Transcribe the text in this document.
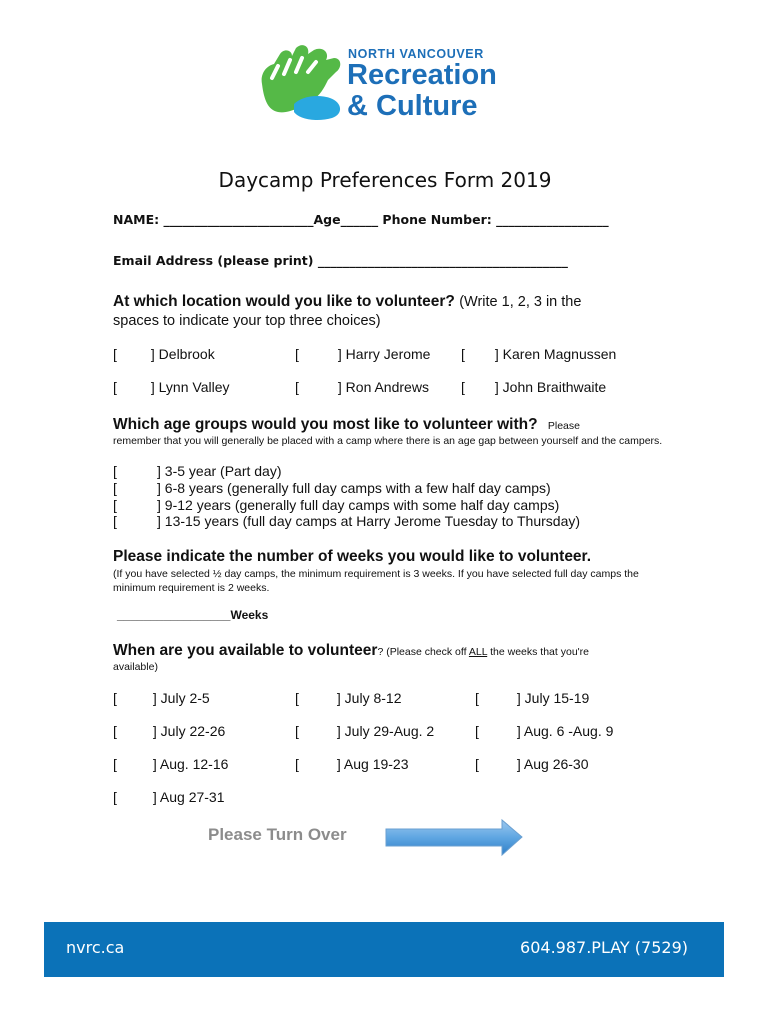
NORTH VANCOUVER
Recreation
& Culture
Daycamp Preferences Form 2019
NAME: ________________________Age______ Phone Number: __________________
Email Address (please print) ________________________________________
At which location would you like to volunteer? (Write 1, 2, 3 in the
spaces to indicate your top three choices)
[ ] Delbrook	[	] Harry Jerome [ ] Karen Magnussen
[ ] Lynn Valley	[	] Ron Andrews [ ] John Braithwaite
Which age groups would you most like to volunteer with? Please
remember that you will generally be placed with a camp where there is an age gap between yourself and the campers.
[	] 3-5 year (Part day)
[	] 6-8 years (generally full day camps with a few half day camps)
[	] 9-12 years (generally full day camps with some half day camps)
[	] 13-15 years (full day camps at Harry Jerome Tuesday to Thursday)
Please indicate the number of weeks you would like to volunteer.
(If you have selected ½ day camps, the minimum requirement is 3 weeks. If you have selected full day camps the minimum requirement is 2 weeks.
_________________Weeks
When are you available to volunteer? (Please check off ALL the weeks that you're
available)
[	] July 2-5	[	] July 8-12	[	] July 15-19
[	] July 22-26	[	] July 29-Aug. 2	[	] Aug. 6 -Aug. 9
[	] Aug. 12-16	[	] Aug 19-23	[	] Aug 26-30
[	] Aug 27-31
Please Turn Over
nvrc.ca	604.987.PLAY (7529)
